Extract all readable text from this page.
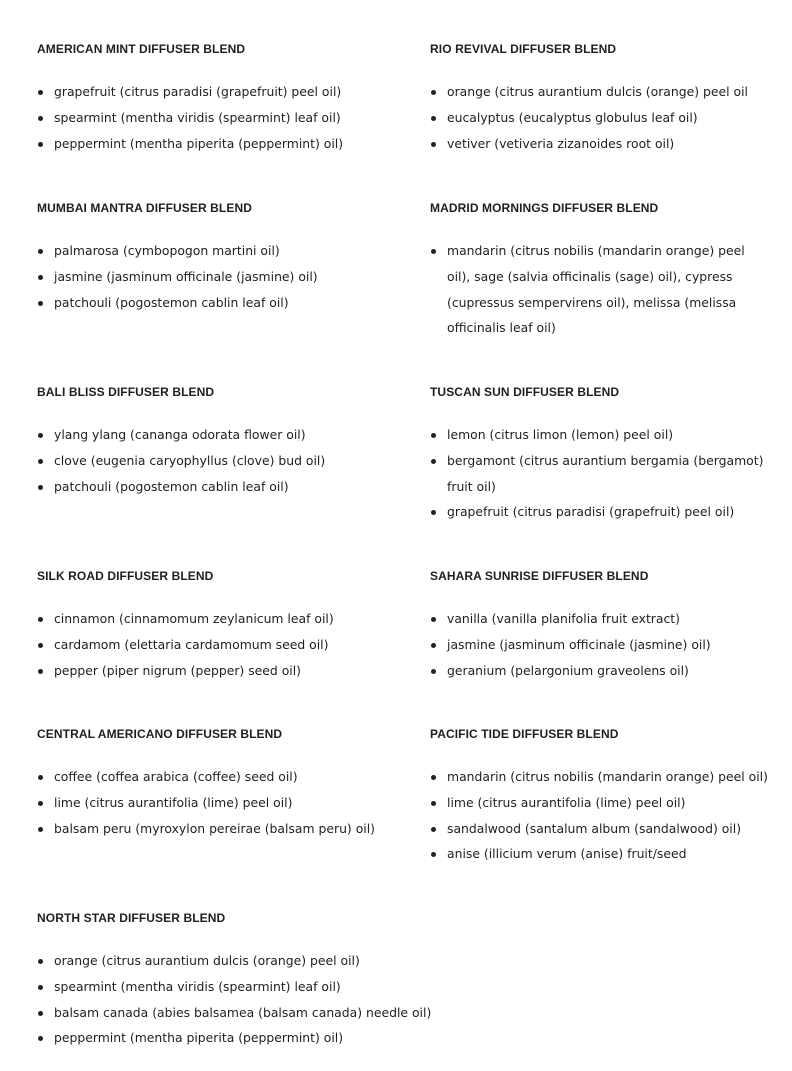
AMERICAN MINT DIFFUSER BLEND
grapefruit (citrus paradisi (grapefruit) peel oil)
spearmint (mentha viridis (spearmint) leaf oil)
peppermint (mentha piperita (peppermint) oil)
RIO REVIVAL DIFFUSER BLEND
orange (citrus aurantium dulcis (orange) peel oil
eucalyptus (eucalyptus globulus leaf oil)
vetiver (vetiveria zizanoides root oil)
MUMBAI MANTRA DIFFUSER BLEND
palmarosa (cymbopogon martini oil)
jasmine (jasminum officinale (jasmine) oil)
patchouli (pogostemon cablin leaf oil)
MADRID MORNINGS DIFFUSER BLEND
mandarin (citrus nobilis (mandarin orange) peel oil), sage (salvia officinalis (sage) oil), cypress (cupressus sempervirens oil), melissa (melissa officinalis leaf oil)
BALI BLISS DIFFUSER BLEND
ylang ylang (cananga odorata flower oil)
clove (eugenia caryophyllus (clove) bud oil)
patchouli (pogostemon cablin leaf oil)
TUSCAN SUN DIFFUSER BLEND
lemon (citrus limon (lemon) peel oil)
bergamont (citrus aurantium bergamia (bergamot) fruit oil)
grapefruit (citrus paradisi (grapefruit) peel oil)
SILK ROAD DIFFUSER BLEND
cinnamon (cinnamomum zeylanicum leaf oil)
cardamom (elettaria cardamomum seed oil)
pepper (piper nigrum (pepper) seed oil)
SAHARA SUNRISE DIFFUSER BLEND
vanilla (vanilla planifolia fruit extract)
jasmine (jasminum officinale (jasmine) oil)
geranium (pelargonium graveolens oil)
CENTRAL AMERICANO DIFFUSER BLEND
coffee (coffea arabica (coffee) seed oil)
lime (citrus aurantifolia (lime) peel oil)
balsam peru (myroxylon pereirae (balsam peru) oil)
PACIFIC TIDE DIFFUSER BLEND
mandarin (citrus nobilis (mandarin orange) peel oil)
lime (citrus aurantifolia (lime) peel oil)
sandalwood (santalum album (sandalwood) oil)
anise (illicium verum (anise) fruit/seed
NORTH STAR DIFFUSER BLEND
orange (citrus aurantium dulcis (orange) peel oil)
spearmint (mentha viridis (spearmint) leaf oil)
balsam canada (abies balsamea (balsam canada) needle oil)
peppermint (mentha piperita (peppermint) oil)
